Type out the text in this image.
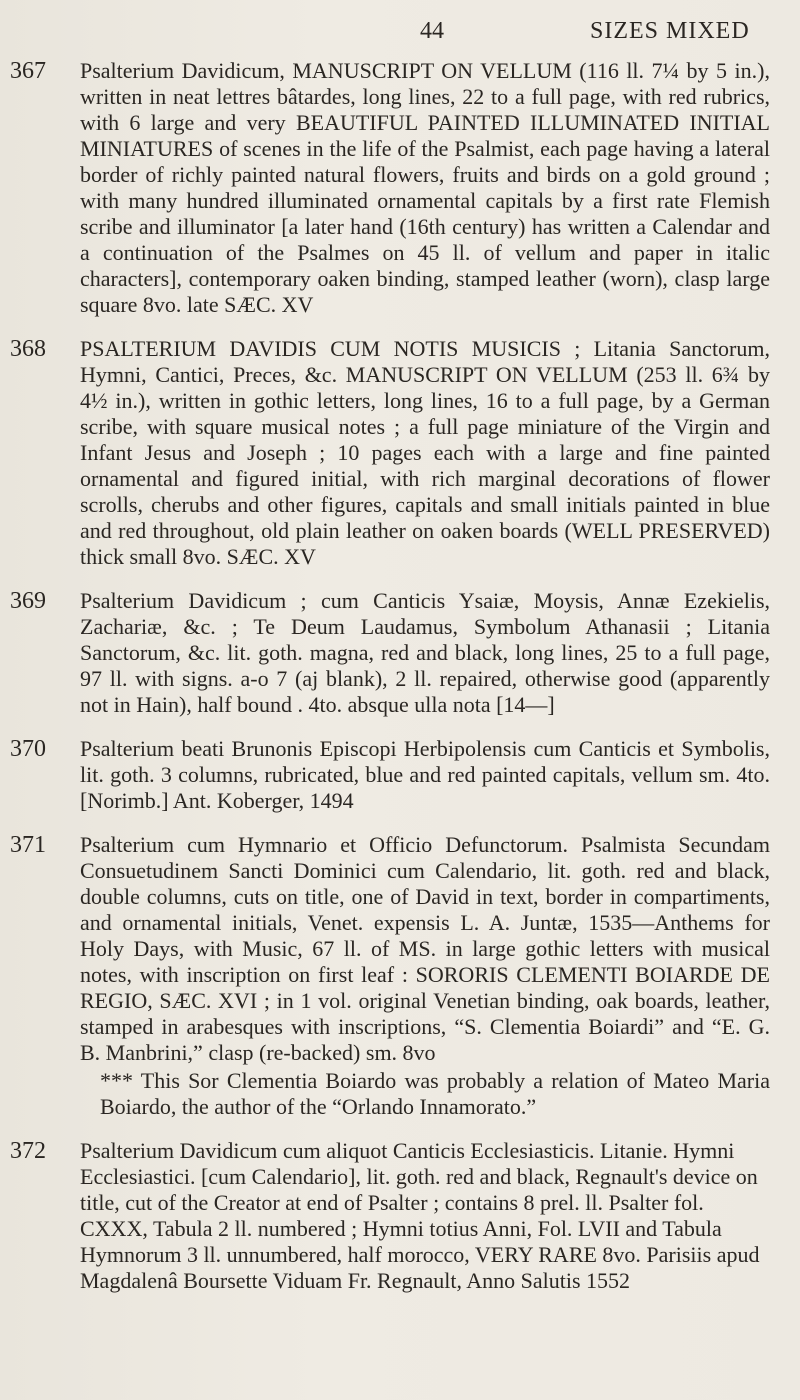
44	SIZES MIXED
367	Psalterium Davidicum, MANUSCRIPT ON VELLUM (116 ll. 7¼ by 5 in.), written in neat lettres bâtardes, long lines, 22 to a full page, with red rubrics, with 6 large and very BEAUTIFUL PAINTED ILLUMINATED INITIAL MINIATURES of scenes in the life of the Psalmist, each page having a lateral border of richly painted natural flowers, fruits and birds on a gold ground ; with many hundred illuminated ornamental capitals by a first rate Flemish scribe and illuminator [a later hand (16th century) has written a Calendar and a continuation of the Psalmes on 45 ll. of vellum and paper in italic characters], contemporary oaken binding, stamped leather (worn), clasp large square 8vo. late SÆC. XV
368	PSALTERIUM DAVIDIS CUM NOTIS MUSICIS ; Litania Sanctorum, Hymni, Cantici, Preces, &c. MANUSCRIPT ON VELLUM (253 ll. 6¾ by 4½ in.), written in gothic letters, long lines, 16 to a full page, by a German scribe, with square musical notes ; a full page miniature of the Virgin and Infant Jesus and Joseph ; 10 pages each with a large and fine painted ornamental and figured initial, with rich marginal decorations of flower scrolls, cherubs and other figures, capitals and small initials painted in blue and red throughout, old plain leather on oaken boards (WELL PRESERVED) thick small 8vo. SÆC. XV
369	Psalterium Davidicum ; cum Canticis Ysaiæ, Moysis, Annæ Ezekielis, Zachariæ, &c. ; Te Deum Laudamus, Symbolum Athanasii ; Litania Sanctorum, &c. lit. goth. magna, red and black, long lines, 25 to a full page, 97 ll. with signs. a-o 7 (aj blank), 2 ll. repaired, otherwise good (apparently not in Hain), half bound . 4to. absque ulla nota [14—]
370	Psalterium beati Brunonis Episcopi Herbipolensis cum Canticis et Symbolis, lit. goth. 3 columns, rubricated, blue and red painted capitals, vellum sm. 4to. [Norimb.] Ant. Koberger, 1494
371	Psalterium cum Hymnario et Officio Defunctorum. Psalmista Secundam Consuetudinem Sancti Dominici cum Calendario, lit. goth. red and black, double columns, cuts on title, one of David in text, border in compartiments, and ornamental initials, Venet. expensis L. A. Juntæ, 1535—Anthems for Holy Days, with Music, 67 ll. of MS. in large gothic letters with musical notes, with inscription on first leaf : SORORIS CLEMENTI BOIARDE DE REGIO, SÆC. XVI ; in 1 vol. original Venetian binding, oak boards, leather, stamped in arabesques with inscriptions, “S. Clementia Boiardi” and “E. G. B. Manbrini,” clasp (re-backed) sm. 8vo
*** This Sor Clementia Boiardo was probably a relation of Mateo Maria Boiardo, the author of the “Orlando Innamorato.”
372	Psalterium Davidicum cum aliquot Canticis Ecclesiasticis. Litanie. Hymni Ecclesiastici. [cum Calendario], lit. goth. red and black, Regnault's device on title, cut of the Creator at end of Psalter ; contains 8 prel. ll. Psalter fol. CXXX, Tabula 2 ll. numbered ; Hymni totius Anni, Fol. LVII and Tabula Hymnorum 3 ll. unnumbered, half morocco, VERY RARE 8vo. Parisiis apud Magdalenâ Boursette Viduam Fr. Regnault, Anno Salutis 1552
